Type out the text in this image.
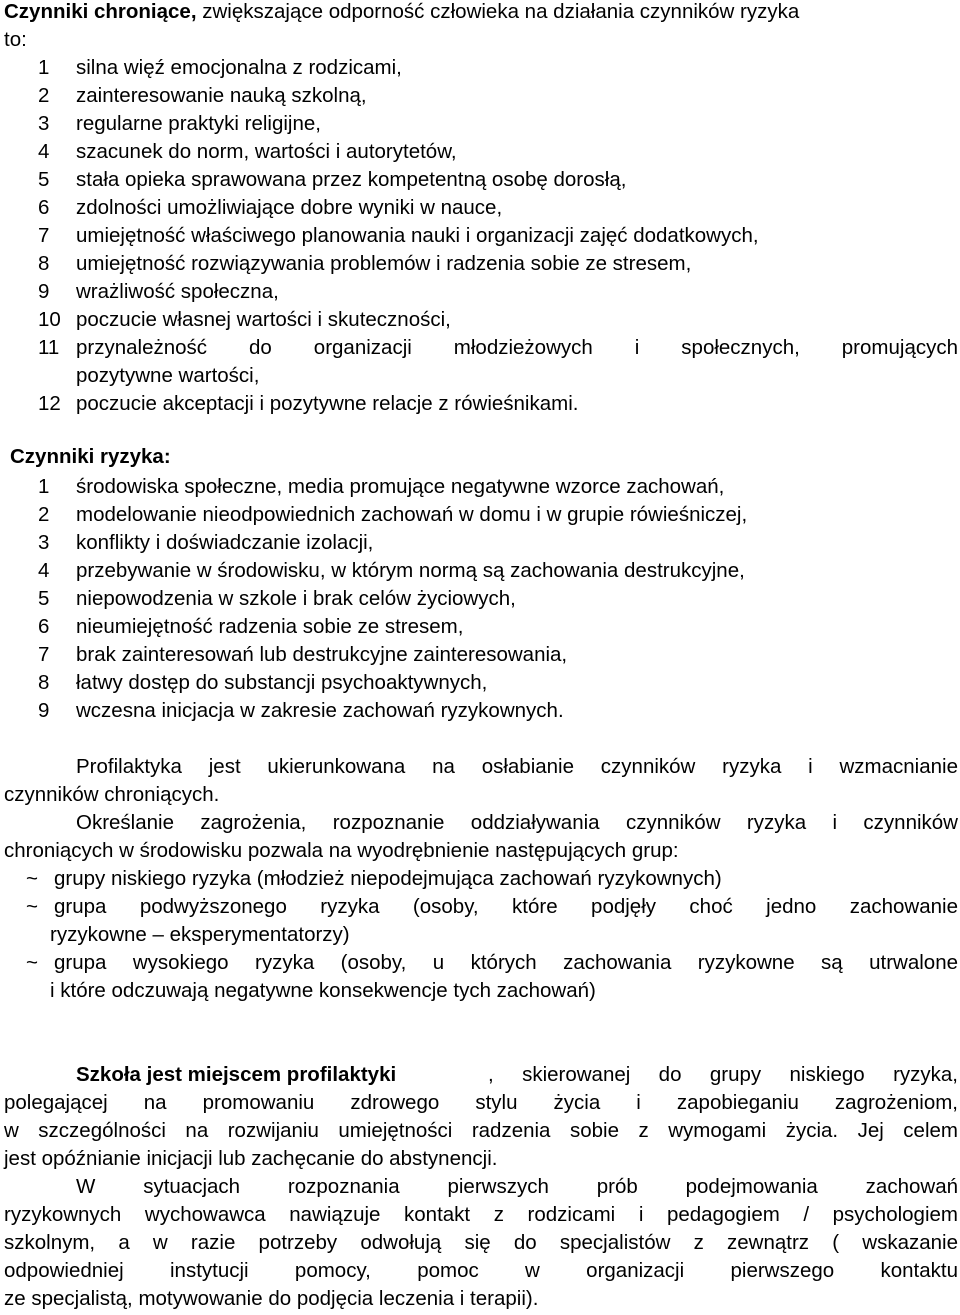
Czynniki chroniące, zwiększające odporność człowieka na działania czynników ryzyka
to:
1 silna więź emocjonalna z rodzicami,
2 zainteresowanie nauką szkolną,
3 regularne praktyki religijne,
4 szacunek do norm, wartości i autorytetów,
5 stała opieka sprawowana przez kompetentną osobę dorosłą,
6 zdolności umożliwiające dobre wyniki w nauce,
7 umiejętność właściwego planowania nauki i organizacji zajęć dodatkowych,
8 umiejętność rozwiązywania problemów i radzenia sobie ze stresem,
9 wrażliwość społeczna,
10 poczucie własnej wartości i skuteczności,
11 przynależność do organizacji młodzieżowych i społecznych, promujących
pozytywne wartości,
12 poczucie akceptacji i pozytywne relacje z rówieśnikami.
Czynniki ryzyka:
1 środowiska społeczne, media promujące negatywne wzorce zachowań,
2 modelowanie nieodpowiednich zachowań w domu i w grupie rówieśniczej,
3 konflikty i doświadczanie izolacji,
4 przebywanie w środowisku, w którym normą są zachowania destrukcyjne,
5 niepowodzenia w szkole i brak celów życiowych,
6 nieumiejętność radzenia sobie ze stresem,
7 brak zainteresowań lub destrukcyjne zainteresowania,
8 łatwy dostęp do substancji psychoaktywnych,
9 wczesna inicjacja w zakresie zachowań ryzykownych.
Profilaktyka jest ukierunkowana na osłabianie czynników ryzyka i wzmacnianie
czynników chroniących.
Określanie zagrożenia, rozpoznanie oddziaływania czynników ryzyka i czynników
chroniących w środowisku pozwala na wyodrębnienie następujących grup:
~ grupy niskiego ryzyka (młodzież niepodejmująca zachowań ryzykownych)
~ grupa podwyższonego ryzyka (osoby, które podjęły choć jedno zachowanie
ryzykowne – eksperymentatorzy)
~ grupa wysokiego ryzyka (osoby, u których zachowania ryzykowne są utrwalone
i które odczuwają negatywne konsekwencje tych zachowań)
Szkoła jest miejscem profilaktyki	, skierowanej do grupy niskiego ryzyka,
polegającej na promowaniu zdrowego stylu życia i zapobieganiu zagrożeniom,
w szczególności na rozwijaniu umiejętności radzenia sobie z wymogami życia. Jej celem
jest opóźnianie inicjacji lub zachęcanie do abstynencji.
W sytuacjach rozpoznania pierwszych prób podejmowania zachowań
ryzykownych wychowawca nawiązuje kontakt z rodzicami i pedagogiem / psychologiem
szkolnym, a w razie potrzeby odwołują się do specjalistów z zewnątrz ( wskazanie
odpowiedniej instytucji pomocy, pomoc w organizacji pierwszego kontaktu
ze specjalistą, motywowanie do podjęcia leczenia i terapii).
